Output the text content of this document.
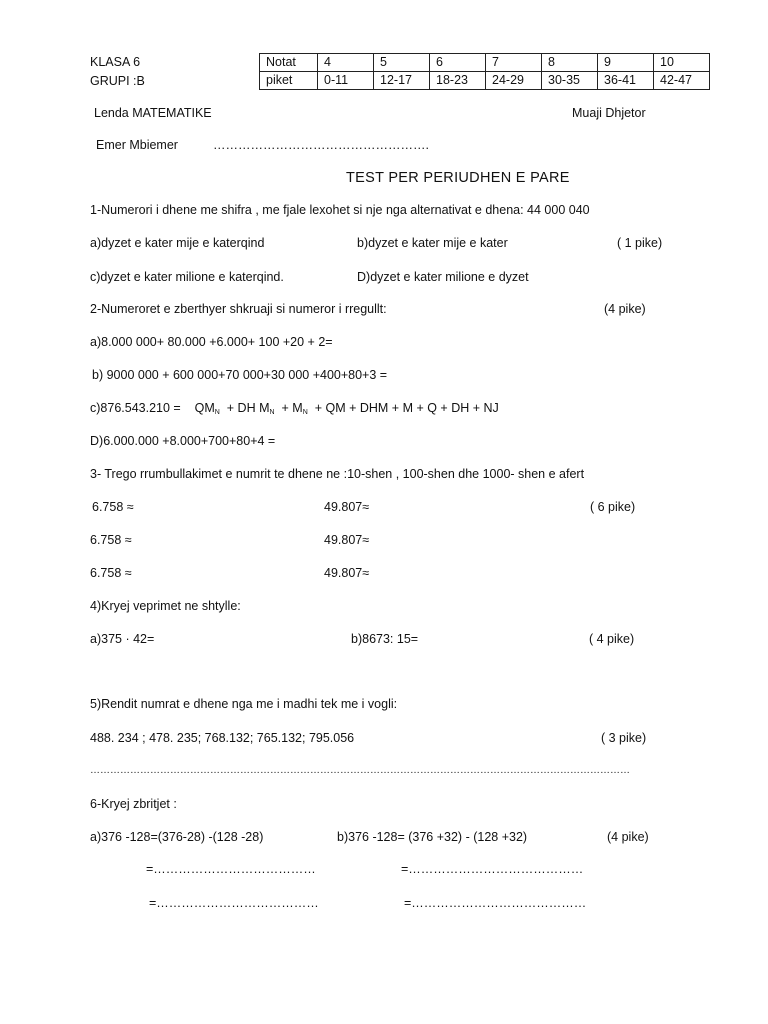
KLASA 6
GRUPI :B
Notat	4	5	6	7	8	9	10
piket	0-11	12-17	18-23	24-29	30-35	36-41	42-47
Lenda MATEMATIKE	Muaji Dhjetor
Emer Mbiemer	…………………………………………….
TEST PER PERIUDHEN E PARE
1-Numerori i dhene me shifra , me fjale lexohet si nje nga alternativat e dhena: 44 000 040
a)dyzet e kater mije e katerqind	b)dyzet e kater mije e kater	( 1 pike)
c)dyzet e kater milione e katerqind.	D)dyzet e kater milione e dyzet
2-Numeroret e zberthyer shkruaji si numeror i rregullt:	(4 pike)
a)8.000 000+ 80.000 +6.000+ 100 +20 + 2=
b) 9000 000 + 600 000+70 000+30 000 +400+80+3 =
$c)876.543.210 = QM_N$ + DH $M_N + M_N$ + QM + DHM + M + Q + DH + NJ
D)6.000.000 +8.000+700+80+4 =
3- Trego rrumbullakimet e numrit te dhene ne :10-shen , 100-shen dhe 1000- shen e afert
6.758 ≈	49.807≈	( 6 pike)
6.758 ≈	49.807≈
6.758 ≈	49.807≈
4)Kryej veprimet ne shtylle:
a)375 · 42=	b)8673: 15=	( 4 pike)
5)Rendit numrat e dhene nga me i madhi tek me i vogli:
488. 234 ; 478. 235; 768.132; 765.132; 795.056	( 3 pike)
………………………………………………………………………………………………………………………………………………
6-Kryej zbritjet :
a)376 -128=(376-28) -(128 -28)	b)376 -128= (376 +32) - (128 +32)	(4 pike)
=…………………………………	=……………………………………
=…………………………………	=……………………………………
